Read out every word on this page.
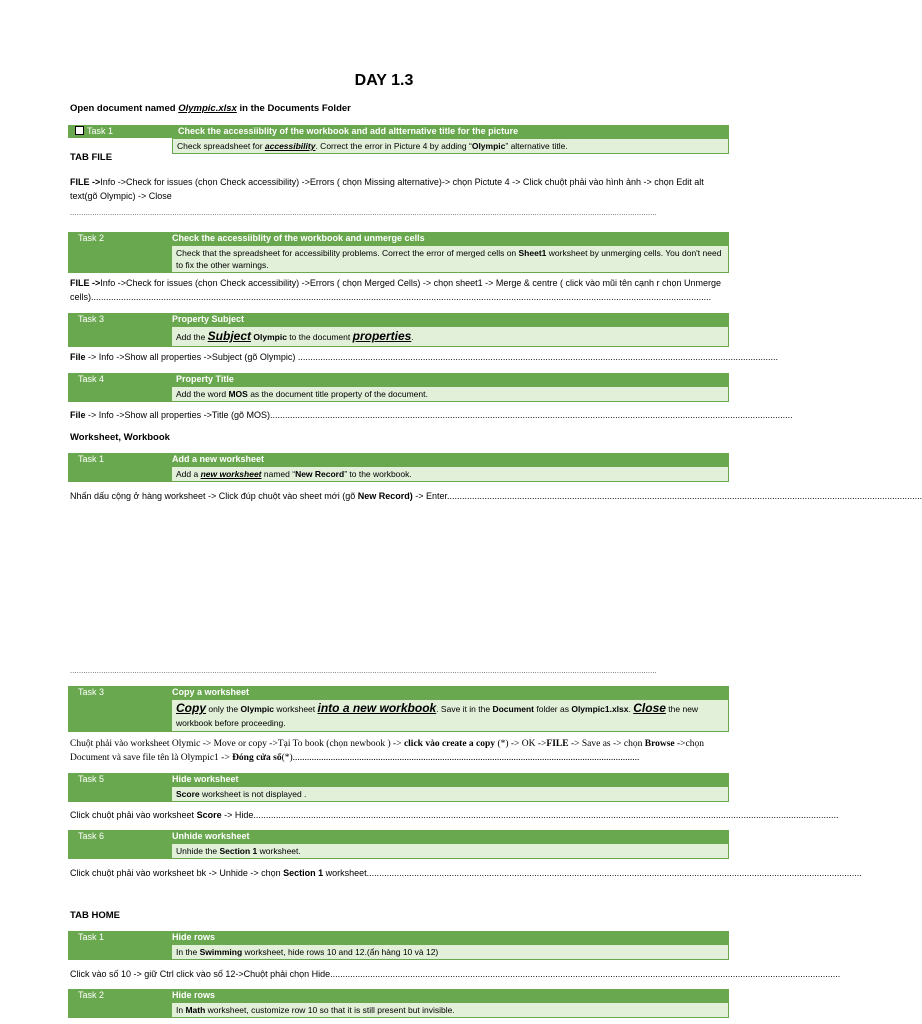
DAY 1.3
Open document named Olympic.xlsx in the Documents Folder
Task 1	Check the accessiiblity of the workbook and add altternative title for the picture
Check spreadsheet for accessibility. Correct the error in Picture 4 by adding “Olympic” alternative title.
TAB FILE
FILE ->Info ->Check for issues (chọn Check accessibility) ->Errors ( chọn Missing alternative)-> chọn Pictute 4 -> Click chuột phải vào hình ảnh -> chọn Edit alt text(gõ Olympic) -> Close
........................................................................................................................................................................................................................................................................
Task 2	Check the accessiiblity of the workbook and unmerge cells
Check that the spreadsheet for accessibility problems. Correct the error of merged cells on Sheet1 worksheet by unmerging cells. You don't need to fix the other warnings.
FILE ->Info ->Check for issues (chọn Check accessibility) ->Errors ( chọn Merged Cells) -> chọn sheet1 -> Merge & centre ( click vào mũi tên cạnh r chọn Unmerge cells)........................................................................................................................................................................................................................................................
Task 3	Property Subject
Add the Subject Olympic to the document properties.
File -> Info ->Show all properties ->Subject (gõ Olympic) ................................................................................................................................................................................................
Task 4	Property Title
Add the word MOS as the document title property of the document.
File -> Info ->Show all properties ->Title (gõ MOS).................................................................................................................................................................................................................
Worksheet, Workbook
Task 1	Add a new worksheet
Add a new worksheet named “New Record” to the workbook.
Nhấn dấu cộng ở hàng worksheet -> Click đúp chuột vào sheet mới (gõ New Record) -> Enter..............................................................................................................................................................................................
........................................................................................................................................................................................................................................................................
Task 3	Copy a worksheet
Copy only the Olympic worksheet into a new workbook. Save it in the Document folder as Olympic1.xlsx. Close the new workbook before proceeding.
Chuột phải vào worksheet Olymic -> Move or copy ->Tại To book (chọn newbook ) -> click vào create a copy (*) -> OK ->FILE -> Save as -> chọn Browse ->chọn Document và save file tên là Olympic1 -> Đóng cửa sổ(*)..................................................................................................................................................
Task 5	Hide worksheet
Score worksheet is not displayed .
Click chuột phải vào worksheet Score -> Hide..........................................................................................................................................................................................................................................
Task 6	Unhide worksheet
Unhide the Section 1 worksheet.
Click chuột phải vào worksheet bk -> Unhide -> chọn Section 1 worksheet......................................................................................................................................................................................................
TAB HOME
Task 1	Hide rows
In the Swimming worksheet, hide rows 10 and 12.(ẩn hàng 10 và 12)
Click vào số 10 -> giữ Ctrl click vào số 12->Chuột phải chọn Hide............................................................................................................................................................................................................
Task 2	Hide rows
In Math worksheet, customize row 10 so that it is still present but invisible.
